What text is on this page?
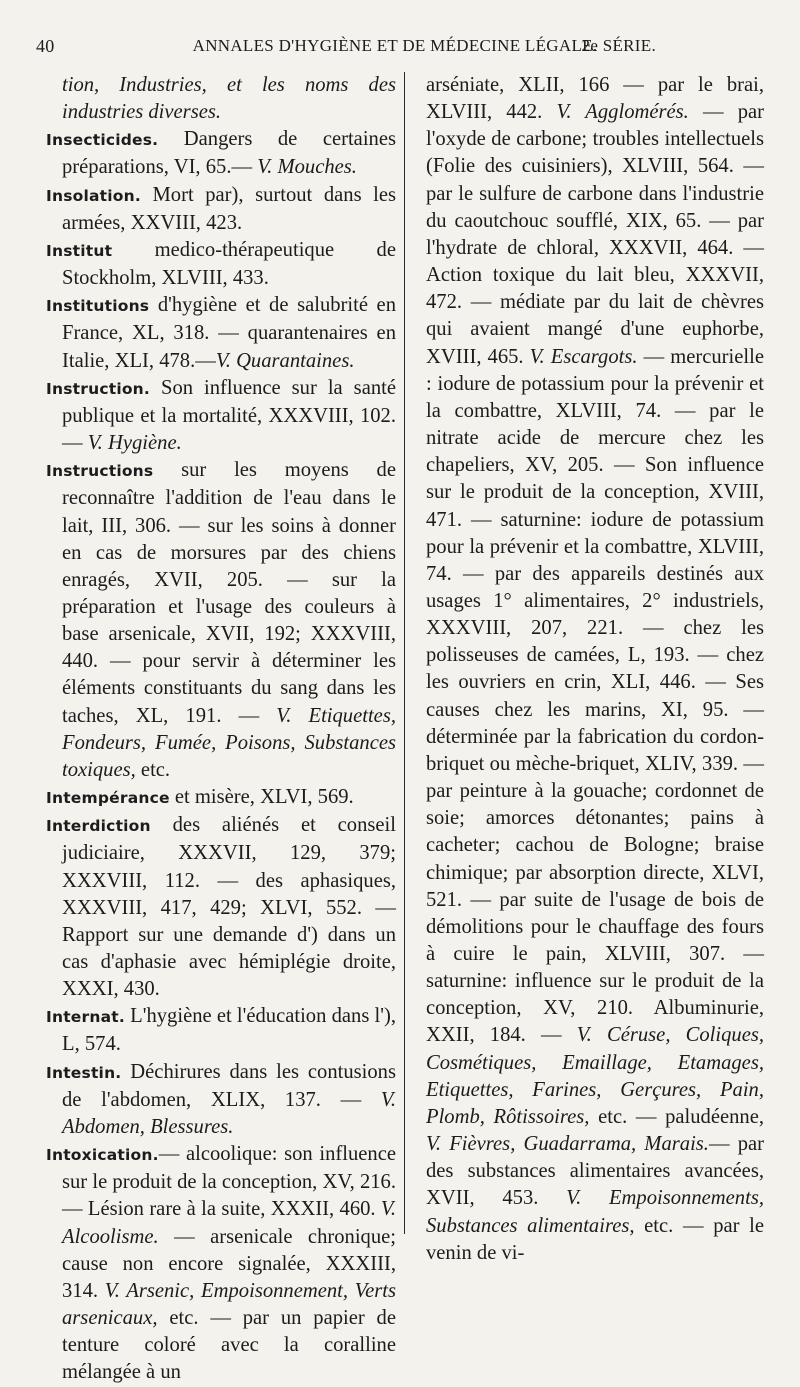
40	ANNALES D'HYGIÈNE ET DE MÉDECINE LÉGALE.
2e SÉRIE.

tion, Industries, et les noms des industries diverses.

Insecticides. Dangers de certaines préparations, VI, 65.— V. Mouches.

Insolation. Mort par), surtout dans les armées, XXVIII, 423.

Institut medico-thérapeutique de Stockholm, XLVIII, 433.

Institutions d'hygiène et de salubrité en France, XL, 318. — quarantenaires en Italie, XLI, 478.—V. Quarantaines.

Instruction. Son influence sur la santé publique et la mortalité, XXXVIII, 102.— V. Hygiène.

Instructions sur les moyens de reconnaître l'addition de l'eau dans le lait, III, 306. — sur les soins à donner en cas de morsures par des chiens enragés, XVII, 205. — sur la préparation et l'usage des couleurs à base arsenicale, XVII, 192; XXXVIII, 440. — pour servir à déterminer les éléments constituants du sang dans les taches, XL, 191. — V. Etiquettes, Fondeurs, Fumée, Poisons, Substances toxiques, etc.

Intempérance et misère, XLVI, 569.

Interdiction des aliénés et conseil judiciaire, XXXVII, 129, 379; XXXVIII, 112. — des aphasiques, XXXVIII, 417, 429; XLVI, 552. — Rapport sur une demande d') dans un cas d'aphasie avec hémiplégie droite, XXXI, 430.

Internat. L'hygiène et l'éducation dans l'), L, 574.

Intestin. Déchirures dans les contusions de l'abdomen, XLIX, 137. — V. Abdomen, Blessures.

Intoxication.— alcoolique: son influence sur le produit de la conception, XV, 216. — Lésion rare à la suite, XXXII, 460. V. Alcoolisme. — arsenicale chronique; cause non encore signalée, XXXIII, 314. V. Arsenic, Empoisonnement, Verts arsenicaux, etc. — par un papier de tenture coloré avec la coralline mélangée à un

arséniate, XLII, 166 — par le brai, XLVIII, 442. V. Agglomérés. — par l'oxyde de carbone; troubles intellectuels (Folie des cuisiniers), XLVIII, 564. — par le sulfure de carbone dans l'industrie du caoutchouc soufflé, XIX, 65. — par l'hydrate de chloral, XXXVII, 464. — Action toxique du lait bleu, XXXVII, 472. — médiate par du lait de chèvres qui avaient mangé d'une euphorbe, XVIII, 465. V. Escargots. — mercurielle : iodure de potassium pour la prévenir et la combattre, XLVIII, 74. — par le nitrate acide de mercure chez les chapeliers, XV, 205. — Son influence sur le produit de la conception, XVIII, 471. — saturnine: iodure de potassium pour la prévenir et la combattre, XLVIII, 74. — par des appareils destinés aux usages 1° alimentaires, 2° industriels, XXXVIII, 207, 221. — chez les polisseuses de camées, L, 193. — chez les ouvriers en crin, XLI, 446. — Ses causes chez les marins, XI, 95. — déterminée par la fabrication du cordon-briquet ou mèche-briquet, XLIV, 339. — par peinture à la gouache; cordonnet de soie; amorces détonantes; pains à cacheter; cachou de Bologne; braise chimique; par absorption directe, XLVI, 521. — par suite de l'usage de bois de démolitions pour le chauffage des fours à cuire le pain, XLVIII, 307. — saturnine: influence sur le produit de la conception, XV, 210. Albuminurie, XXII, 184. — V. Céruse, Coliques, Cosmétiques, Emaillage, Etamages, Etiquettes, Farines, Gerçures, Pain, Plomb, Rôtissoires, etc. — paludéenne, V. Fièvres, Guadarrama, Marais.— par des substances alimentaires avancées, XVII, 453. V. Empoisonnements, Substances alimentaires, etc. — par le venin de vi-
